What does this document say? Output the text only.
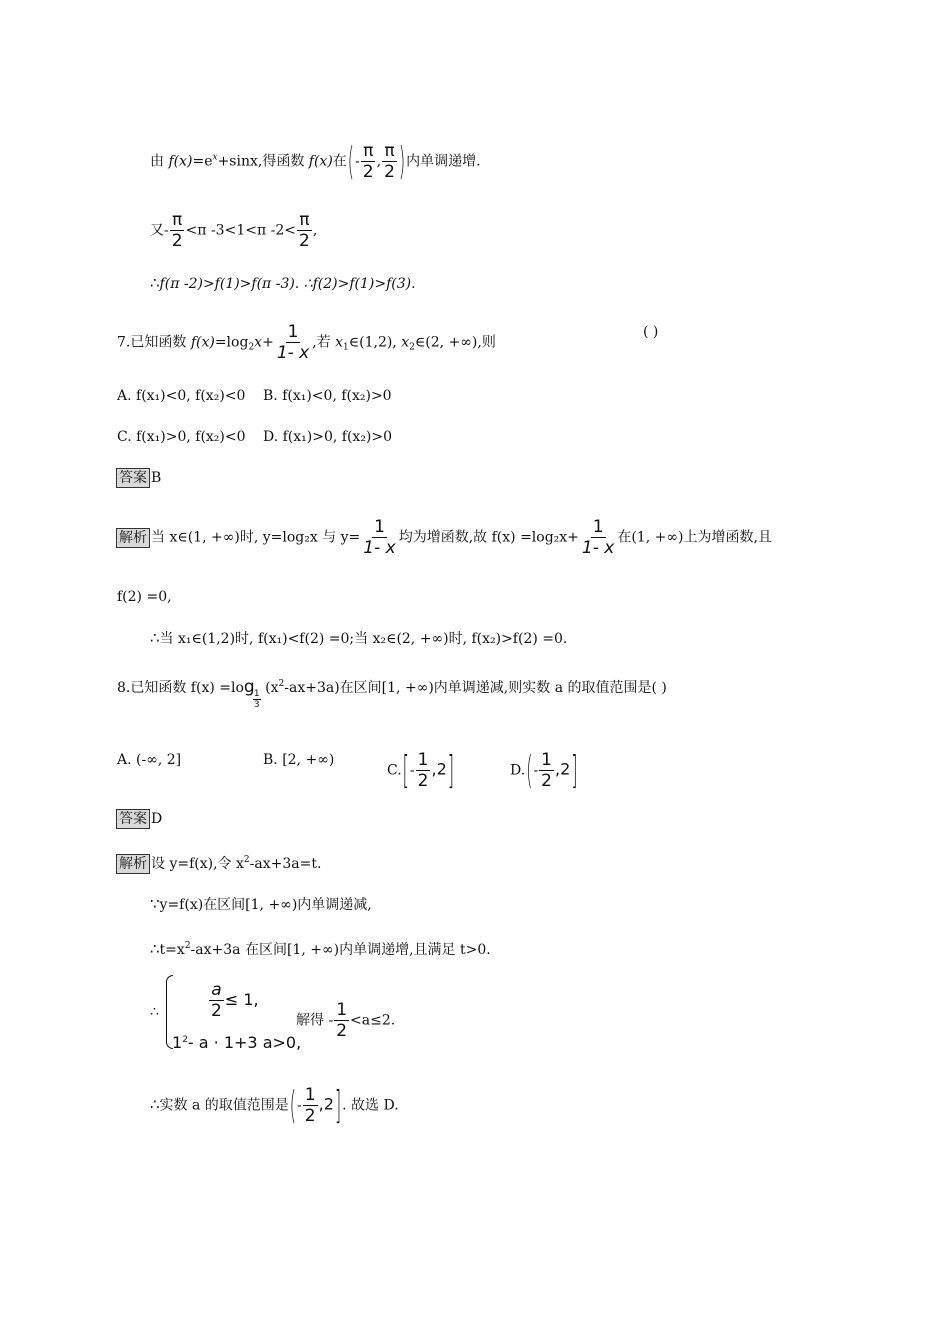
由 $f(x)=e^x+\sin x$,得函数 f(x)在(- $\frac{\pi}{2}$ , $\frac{\pi}{2}$ )内单调递增.
又- $\frac{\pi}{2} <\pi$ -3<1<π $-2< \frac{\pi}{2}$ ,
∴f(π -2)>f(1)>f(π -3). ∴f(2)>f(1)>f(3).
7.已知函数 $f(x)=\log_2x+ \frac{1}{1- x}$ ,若 $x_1\in(1,2)$, $x_2\in(2$, +∞),则
( )
A. f(x₁)<0, f(x₂)<0 B. f(x₁)<0, f(x₂)>0
C. f(x₁)>0, f(x₂)<0 D. f(x₁)>0, f(x₂)>0
答案 B
解析 当 x∈(1, +∞)时, y=log₂x 与 $y= \frac{1}{1- x}$ 均为增函数,故 $f(x) =\log_2x+ \frac{1}{1- x}$ 在(1, +∞)上为增函数,且
f(2) =0,
∴当 x₁∈(1,2)时, f(x₁)<f(2) =0;当 x₂∈(2, +∞)时, f(x₂)>f(2) =0.
8.已知函数 f(x) =log
$\frac{1}{3}$
$(x^2-ax+3a)$在区间[1, +∞)内单调递减,则实数 a 的取值范围是( )
A. (-∞, 2]	B. [2, +∞)
$C.[- \frac{1}{2} ,2]$	$D.(- \frac{1}{2} ,2]$
答案 D
解析 设 y=f(x),令 $x^2-ax+3a=t$.
∵y=f(x)在区间[1, +∞)内单调递减,
$\therefore t=x^2-ax+3a$ 在区间[1, +∞)内单调递增,且满足 t>0.
∴	$\frac{a}{2} \le 1$,
解得 - $\frac{1}{2} <a\le 2$.
$1^2-$ a · 1+3 a>0,
∴实数 a 的取值范围是(- $\frac{1}{2} ,2$]. 故选 D.
